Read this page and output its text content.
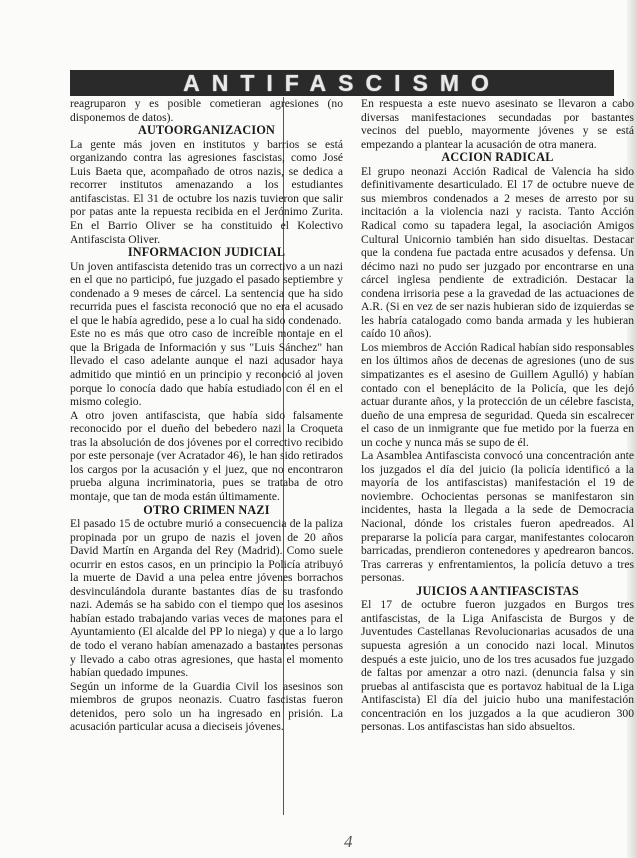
ANTIFASCISMO

reagruparon y es posible cometieran agresiones (no disponemos de datos).

AUTOORGANIZACION

La gente más joven en institutos y barrios se está organizando contra las agresiones fascistas, como José Luis Baeta que, acompañado de otros nazis, se dedica a recorrer institutos amenazando a los estudiantes antifascistas. El 31 de octubre los nazis tuvieron que salir por patas ante la repuesta recibida en el Jerónimo Zurita. En el Barrio Oliver se ha constituido el Kolectivo Antifascista Oliver.

INFORMACION JUDICIAL

Un joven antifascista detenido tras un correctivo a un nazi en el que no participó, fue juzgado el pasado septiembre y condenado a 9 meses de cárcel. La sentencia que ha sido recurrida pues el fascista reconoció que no era el acusado el que le había agredido, pese a lo cual ha sido condenado.

Este no es más que otro caso de increíble montaje en el que la Brigada de Información y sus "Luis Sánchez" han llevado el caso adelante aunque el nazi acusador haya admitido que mintió en un principio y reconoció al joven porque lo conocía dado que había estudiado con él en el mismo colegio.

A otro joven antifascista, que había sido falsamente reconocido por el dueño del bebedero nazi la Croqueta tras la absolución de dos jóvenes por el correctivo recibido por este personaje (ver Acratador 46), le han sido retirados los cargos por la acusación y el juez, que no encontraron prueba alguna incriminatoria, pues se trataba de otro montaje, que tan de moda están últimamente.

OTRO CRIMEN NAZI

El pasado 15 de octubre murió a consecuencia de la paliza propinada por un grupo de nazis el joven de 20 años David Martín en Arganda del Rey (Madrid). Como suele ocurrir en estos casos, en un principio la Policía atribuyó la muerte de David a una pelea entre jóvenes borrachos desvinculándola durante bastantes días de su trasfondo nazi. Además se ha sabido con el tiempo que los asesinos habían estado trabajando varias veces de matones para el Ayuntamiento (El alcalde del PP lo niega) y que a lo largo de todo el verano habían amenazado a bastantes personas y llevado a cabo otras agresiones, que hasta el momento habían quedado impunes.

Según un informe de la Guardia Civil los asesinos son miembros de grupos neonazis. Cuatro fascistas fueron detenidos, pero solo un ha ingresado en prisión. La acusación particular acusa a dieciseis jóvenes.

En respuesta a este nuevo asesinato se llevaron a cabo diversas manifestaciones secundadas por bastantes vecinos del pueblo, mayormente jóvenes y se está empezando a plantear la acusación de otra manera.

ACCION RADICAL

El grupo neonazi Acción Radical de Valencia ha sido definitivamente desarticulado. El 17 de octubre nueve de sus miembros condenados a 2 meses de arresto por su incitación a la violencia nazi y racista. Tanto Acción Radical como su tapadera legal, la asociación Amigos Cultural Unicornio también han sido disueltas. Destacar que la condena fue pactada entre acusados y defensa. Un décimo nazi no pudo ser juzgado por encontrarse en una cárcel inglesa pendiente de extradición. Destacar la condena irrisoria pese a la gravedad de las actuaciones de A.R. (Si en vez de ser nazis hubieran sido de izquierdas se les habría catalogado como banda armada y les hubieran caído 10 años).

Los miembros de Acción Radical habían sido responsables en los últimos años de decenas de agresiones (uno de sus simpatizantes es el asesino de Guillem Agulló) y habían contado con el beneplácito de la Policía, que les dejó actuar durante años, y la protección de un célebre fascista, dueño de una empresa de seguridad. Queda sin escalrecer el caso de un inmigrante que fue metido por la fuerza en un coche y nunca más se supo de él.

La Asamblea Antifascista convocó una concentración ante los juzgados el día del juicio (la policía identificó a la mayoría de los antifascistas) manifestación el 19 de noviembre. Ochocientas personas se manifestaron sin incidentes, hasta la llegada a la sede de Democracia Nacional, dónde los cristales fueron apedreados. Al prepararse la policía para cargar, manifestantes colocaron barricadas, prendieron contenedores y apedrearon bancos. Tras carreras y enfrentamientos, la policía detuvo a tres personas.

JUICIOS A ANTIFASCISTAS

El 17 de octubre fueron juzgados en Burgos tres antifascistas, de la Liga Anifascista de Burgos y de Juventudes Castellanas Revolucionarias acusados de una supuesta agresión a un conocido nazi local. Minutos después a este juicio, uno de los tres acusados fue juzgado de faltas por amenzar a otro nazi. (denuncia falsa y sin pruebas al antifascista que es portavoz habitual de la Liga Antifascista) El día del juicio hubo una manifestación concentración en los juzgados a la que acudieron 300 personas. Los antifascistas han sido absueltos.

4
